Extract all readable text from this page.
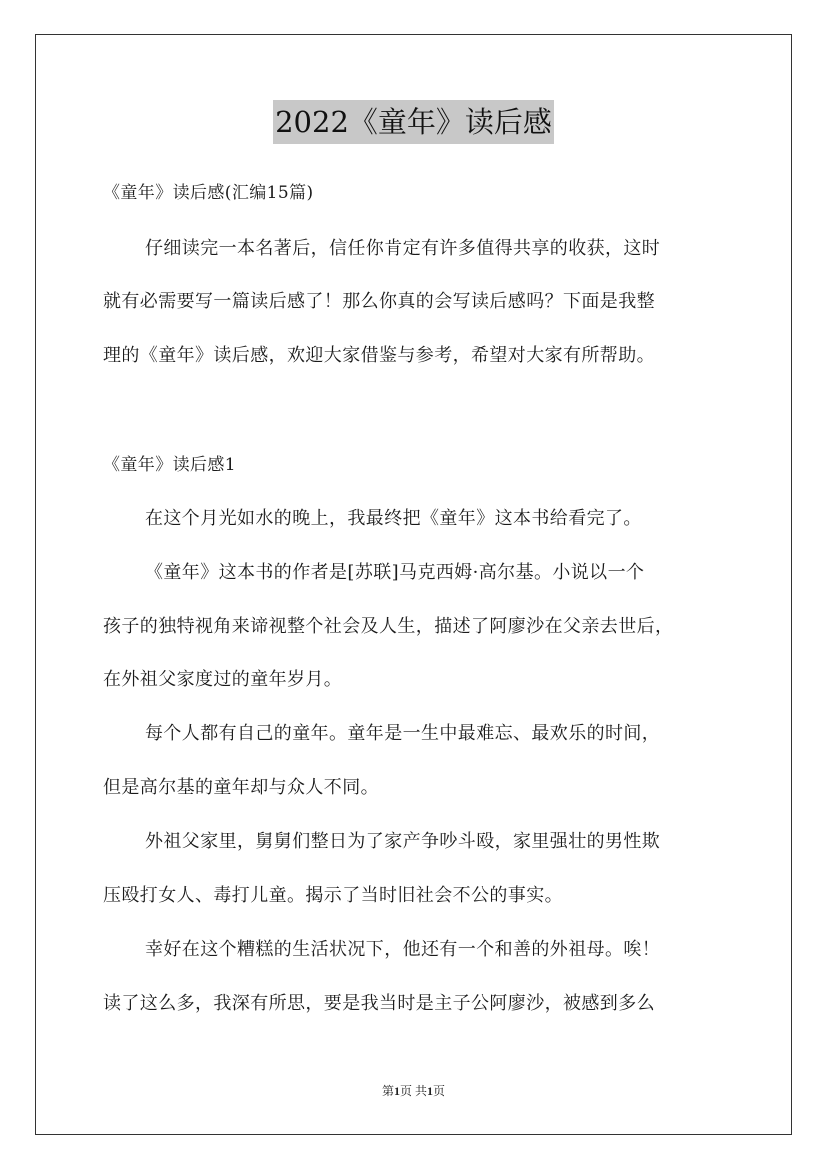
2022《童年》读后感
《童年》读后感(汇编15篇)
仔细读完一本名著后，信任你肯定有许多值得共享的收获，这时
就有必需要写一篇读后感了！那么你真的会写读后感吗？下面是我整
理的《童年》读后感，欢迎大家借鉴与参考，希望对大家有所帮助。
《童年》读后感1
在这个月光如水的晚上，我最终把《童年》这本书给看完了。
《童年》这本书的作者是[苏联]马克西姆·高尔基。小说以一个
孩子的独特视角来谛视整个社会及人生，描述了阿廖沙在父亲去世后，
在外祖父家度过的童年岁月。
每个人都有自己的童年。童年是一生中最难忘、最欢乐的时间，
但是高尔基的童年却与众人不同。
外祖父家里，舅舅们整日为了家产争吵斗殴，家里强壮的男性欺
压殴打女人、毒打儿童。揭示了当时旧社会不公的事实。
幸好在这个糟糕的生活状况下，他还有一个和善的外祖母。唉！
读了这么多，我深有所思，要是我当时是主子公阿廖沙，被感到多么
第1页 共1页
